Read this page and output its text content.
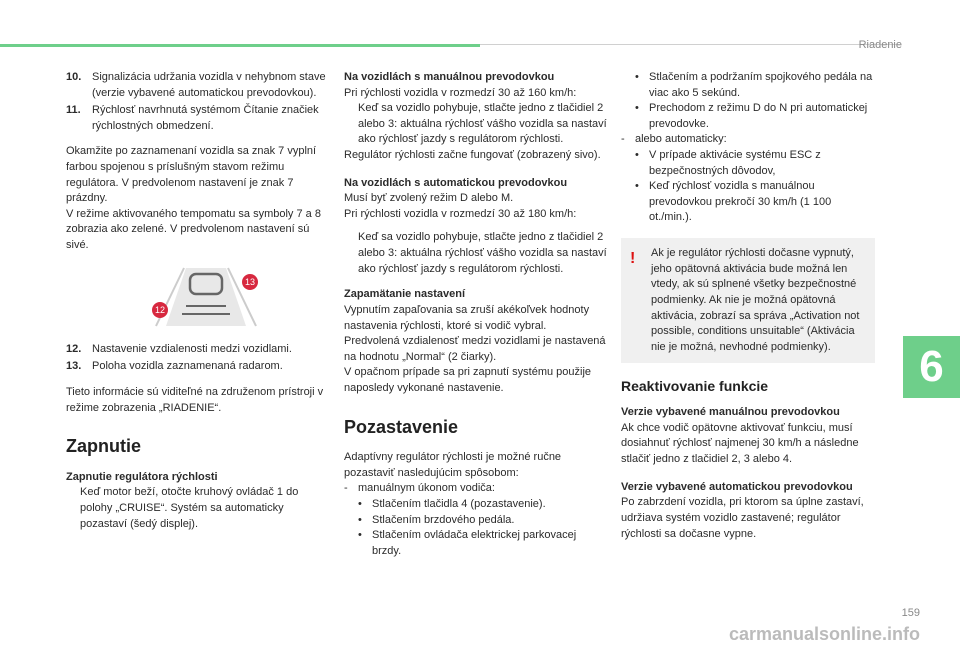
Riadenie
6
10. Signalizácia udržania vozidla v nehybnom stave (verzie vybavené automatickou prevodovkou).
11.	Rýchlosť navrhnutá systémom Čítanie značiek rýchlostných obmedzení.

Okamžite po zaznamenaní vozidla sa znak 7 vyplní farbou spojenou s príslušným stavom režimu regulátora. V predvolenom nastavení je znak 7 prázdny.

V režime aktivovaného tempomatu sa symboly 7 a 8 zobrazia ako zelené. V predvolenom nastavení sú sivé.

13
12
12. Nastavenie vzdialenosti medzi vozidlami.
13. Poloha vozidla zaznamenaná radarom.

Tieto informácie sú viditeľné na združenom prístroji v režime zobrazenia „RIADENIE“.

Zapnutie
Zapnutie regulátora rýchlosti
Keď motor beží, otočte kruhový ovládač 1 do polohy „CRUISE“. Systém sa automaticky pozastaví (šedý displej).
Na vozidlách s manuálnou prevodovkou
Pri rýchlosti vozidla v rozmedzí 30 až 160 km/h:
Keď sa vozidlo pohybuje, stlačte jedno z tlačidiel 2 alebo 3: aktuálna rýchlosť vášho vozidla sa nastaví ako rýchlosť jazdy s regulátorom rýchlosti.

Regulátor rýchlosti začne fungovať (zobrazený sivo).

Na vozidlách s automatickou prevodovkou
Musí byť zvolený režim D alebo M.

Pri rýchlosti vozidla v rozmedzí 30 až 180 km/h:

Keď sa vozidlo pohybuje, stlačte jedno z tlačidiel 2 alebo 3: aktuálna rýchlosť vášho vozidla sa nastaví ako rýchlosť jazdy s regulátorom rýchlosti.
Zapamätanie nastavení
Vypnutím zapaľovania sa zruší akékoľvek hodnoty nastavenia rýchlosti, ktoré si vodič vybral.
Predvolená vzdialenosť medzi vozidlami je nastavená na hodnotu „Normal“ (2 čiarky).

V opačnom prípade sa pri zapnutí systému použije naposledy vykonané nastavenie.

Pozastavenie
Adaptívny regulátor rýchlosti je možné ručne pozastaviť nasledujúcim spôsobom:
- manuálnym úkonom vodiča:
• Stlačením tlačidla 4 (pozastavenie).
• Stlačením brzdového pedála.
• Stlačením ovládača elektrickej parkovacej brzdy.
• Stlačením a podržaním spojkového pedála na viac ako 5 sekúnd.
• Prechodom z režimu D do N pri automatickej prevodovke.
- alebo automaticky:
• V prípade aktivácie systému ESC z bezpečnostných dôvodov,
• Keď rýchlosť vozidla s manuálnou prevodovkou prekročí 30 km/h (1 100 ot./min.).
! Ak je regulátor rýchlosti dočasne vypnutý, jeho opätovná aktivácia bude možná len vtedy, ak sú splnené všetky bezpečnostné podmienky. Ak nie je možná opätovná aktivácia, zobrazí sa správa „Activation not possible, conditions unsuitable“ (Aktivácia nie je možná, nevhodné podmienky).
Reaktivovanie funkcie
Verzie vybavené manuálnou prevodovkou

Ak chce vodič opätovne aktivovať funkciu, musí dosiahnuť rýchlosť najmenej 30 km/h a následne stlačiť jedno z tlačidiel 2, 3 alebo 4.

Verzie vybavené automatickou prevodovkou

Po zabrzdení vozidla, pri ktorom sa úplne zastaví, udržiava systém vozidlo zastavené; regulátor rýchlosti sa dočasne vypne.

159
carmanualsonline.info
